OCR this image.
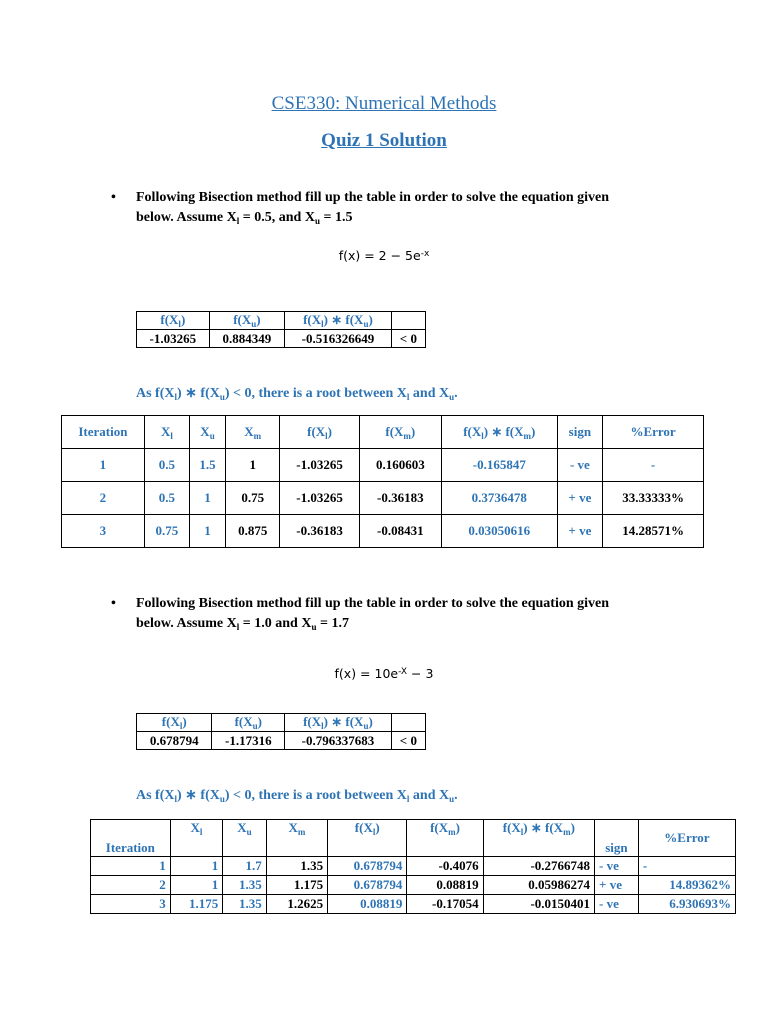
CSE330: Numerical Methods
Quiz 1 Solution
• Following Bisection method fill up the table in order to solve the equation given
below. Assume $X_l = 0.5$, and $X_u = 1.5$
$f(x) = 2 - 5e^{-x}$
$f(X_l)$	$f(X_u)$	$f(X_l)$ ∗ $f(X_u)$	
-1.03265	0.884349	-0.516326649	< 0
As $f(X_l)$ ∗ $f(X_u) < 0$, there is a root between $X_l$ and $X_u$.
Iteration	$X_l$	$X_u$	$X_m$	$f(X_l)$	$f(X_m)$	$f(X_l)$ ∗ $f(X_m)$	sign	%Error
1	0.5	1.5	1	-1.03265	0.160603	-0.165847	- ve	-
2	0.5	1	0.75	-1.03265	-0.36183	0.3736478	+ ve	33.33333%
3	0.75	1	0.875	-0.36183	-0.08431	0.03050616	+ ve	14.28571%
• Following Bisection method fill up the table in order to solve the equation given
below. Assume $X_l = 1.0$ and $X_u = 1.7$
$f(x) = 10e^{-X} - 3$
$f(X_l)$	$f(X_u)$	$f(X_l)$ ∗ $f(X_u)$	
0.678794	-1.17316	-0.796337683	< 0
As $f(X_l)$ ∗ $f(X_u) < 0$, there is a root between $X_l$ and $X_u$.
Iteration	$X_l$	$X_u$	$X_m$	$f(X_l)$	$f(X_m)$	$f(X_l)$ ∗ $f(X_m)$	sign	%Error
1	1	1.7	1.35	0.678794	-0.4076	-0.2766748	- ve	-
2	1	1.35	1.175	0.678794	0.08819	0.05986274	+ ve	14.89362%
3	1.175	1.35	1.2625	0.08819	-0.17054	-0.0150401	- ve	6.930693%
